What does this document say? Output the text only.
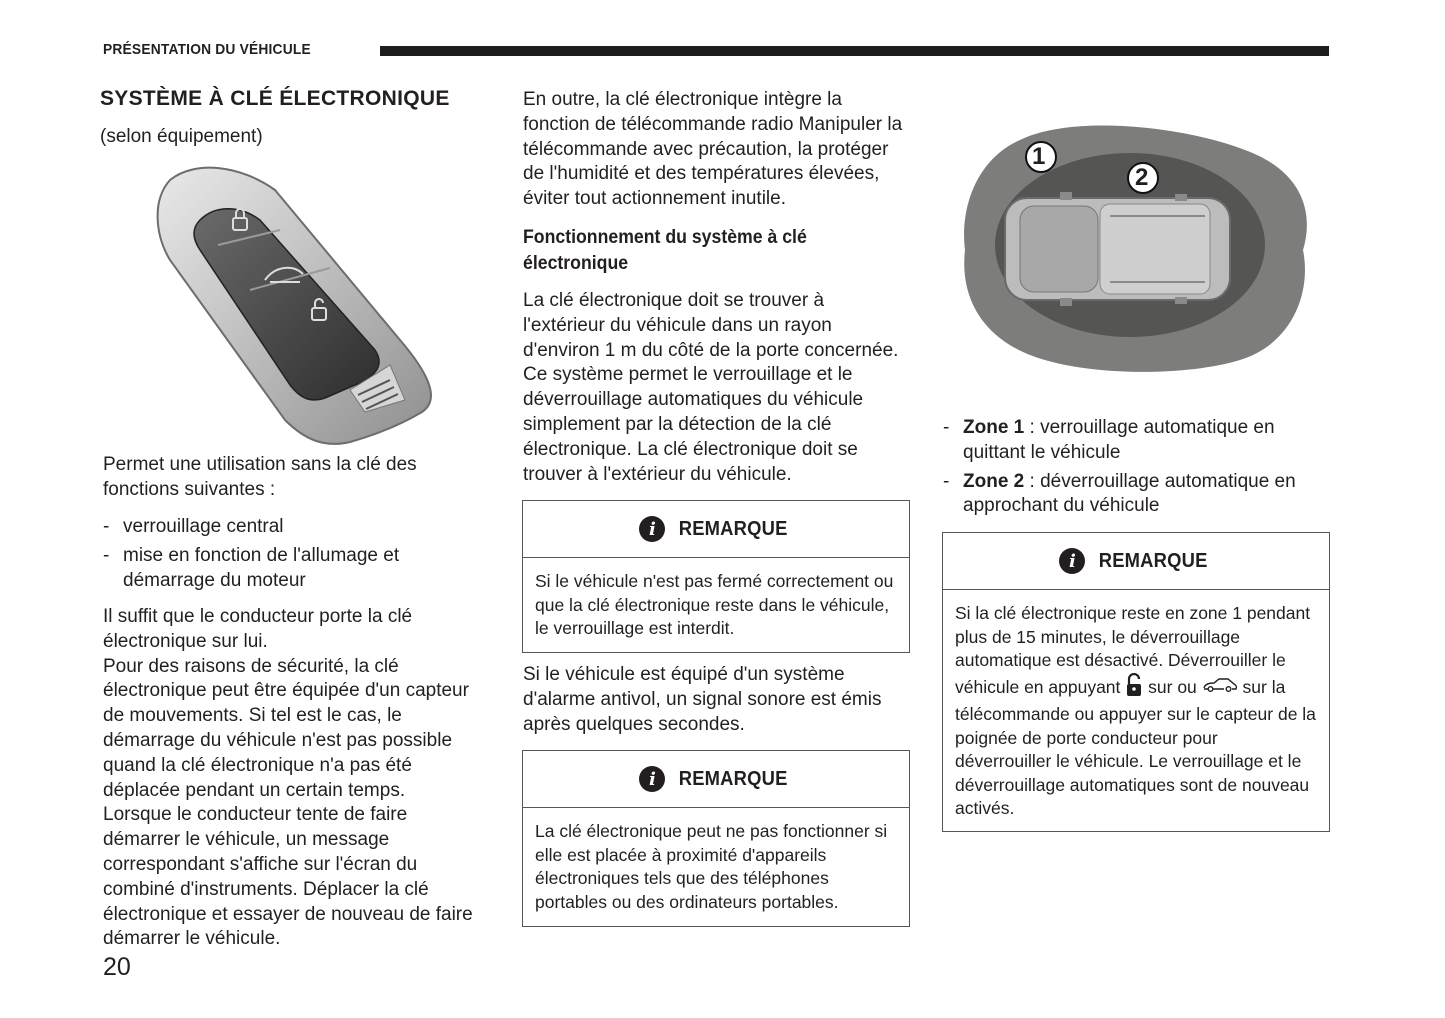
PRÉSENTATION DU VÉHICULE
SYSTÈME À CLÉ ÉLECTRONIQUE
(selon équipement)
Permet une utilisation sans la clé des fonctions suivantes :
- verrouillage central
- mise en fonction de l'allumage et démarrage du moteur
Il suffit que le conducteur porte la clé électronique sur lui.
Pour des raisons de sécurité, la clé électronique peut être équipée d'un capteur de mouvements. Si tel est le cas, le démarrage du véhicule n'est pas possible quand la clé électronique n'a pas été déplacée pendant un certain temps.
Lorsque le conducteur tente de faire démarrer le véhicule, un message correspondant s'affiche sur l'écran du combiné d'instruments. Déplacer la clé électronique et essayer de nouveau de faire démarrer le véhicule.
20
En outre, la clé électronique intègre la fonction de télécommande radio Manipuler la télécommande avec précaution, la protéger de l'humidité et des températures élevées, éviter tout actionnement inutile.
Fonctionnement du système à clé électronique
La clé électronique doit se trouver à l'extérieur du véhicule dans un rayon d'environ 1 m du côté de la porte concernée.
Ce système permet le verrouillage et le déverrouillage automatiques du véhicule simplement par la détection de la clé électronique. La clé électronique doit se trouver à l'extérieur du véhicule.
i	REMARQUE
Si le véhicule n'est pas fermé correctement ou que la clé électronique reste dans le véhicule, le verrouillage est interdit.
Si le véhicule est équipé d'un système d'alarme antivol, un signal sonore est émis après quelques secondes.
i	REMARQUE
La clé électronique peut ne pas fonctionner si elle est placée à proximité d'appareils électroniques tels que des téléphones portables ou des ordinateurs portables.
1
2
- Zone 1 : verrouillage automatique en quittant le véhicule
- Zone 2 : déverrouillage automatique en approchant du véhicule
i	REMARQUE
Si la clé électronique reste en zone 1 pendant plus de 15 minutes, le déverrouillage automatique est désactivé. Déverrouiller le véhicule en appuyant sur ou	sur la télécommande ou appuyer sur le capteur de la poignée de porte conducteur pour déverrouiller le véhicule. Le verrouillage et le déverrouillage automatiques sont de nouveau activés.
